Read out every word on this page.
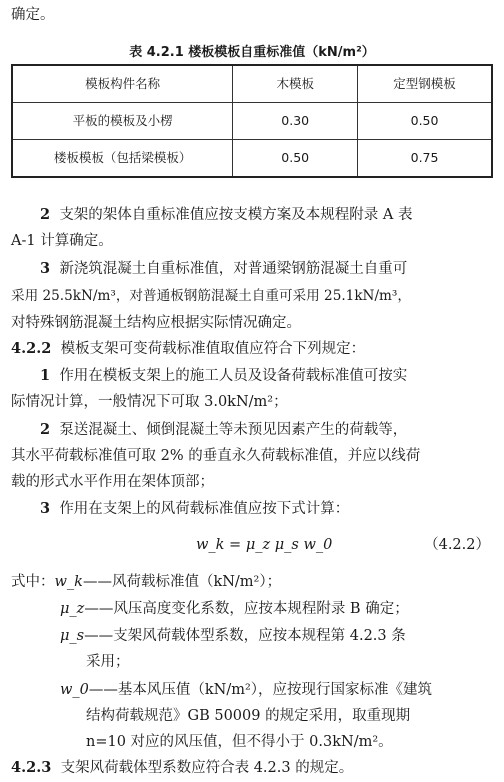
确定。
表 4.2.1 楼板模板自重标准值（kN/m²）
模板构件名称	木模板	定型钢模板
平板的模板及小楞	0.30	0.50
楼板模板（包括梁模板）	0.50	0.75
2 支架的架体自重标准值应按支模方案及本规程附录 A 表
A-1 计算确定。
3 新浇筑混凝土自重标准值，对普通梁钢筋混凝土自重可
采用 25.5kN/m³，对普通板钢筋混凝土自重可采用 25.1kN/m³，
对特殊钢筋混凝土结构应根据实际情况确定。
4.2.2 模板支架可变荷载标准值取值应符合下列规定：
1 作用在模板支架上的施工人员及设备荷载标准值可按实
际情况计算，一般情况下可取 3.0kN/m²；
2 泵送混凝土、倾倒混凝土等未预见因素产生的荷载等，
其水平荷载标准值可取 2% 的垂直永久荷载标准值，并应以线荷
载的形式水平作用在架体顶部；
3 作用在支架上的风荷载标准值应按下式计算：
w_k = μ_z μ_s w_0	（4.2.2）
式中：w_k——风荷载标准值（kN/m²）；
μ_z——风压高度变化系数，应按本规程附录 B 确定；
μ_s——支架风荷载体型系数，应按本规程第 4.2.3 条
采用；
w_0——基本风压值（kN/m²），应按现行国家标准《建筑
结构荷载规范》GB 50009 的规定采用，取重现期
n=10 对应的风压值，但不得小于 0.3kN/m²。
4.2.3 支架风荷载体型系数应符合表 4.2.3 的规定。
